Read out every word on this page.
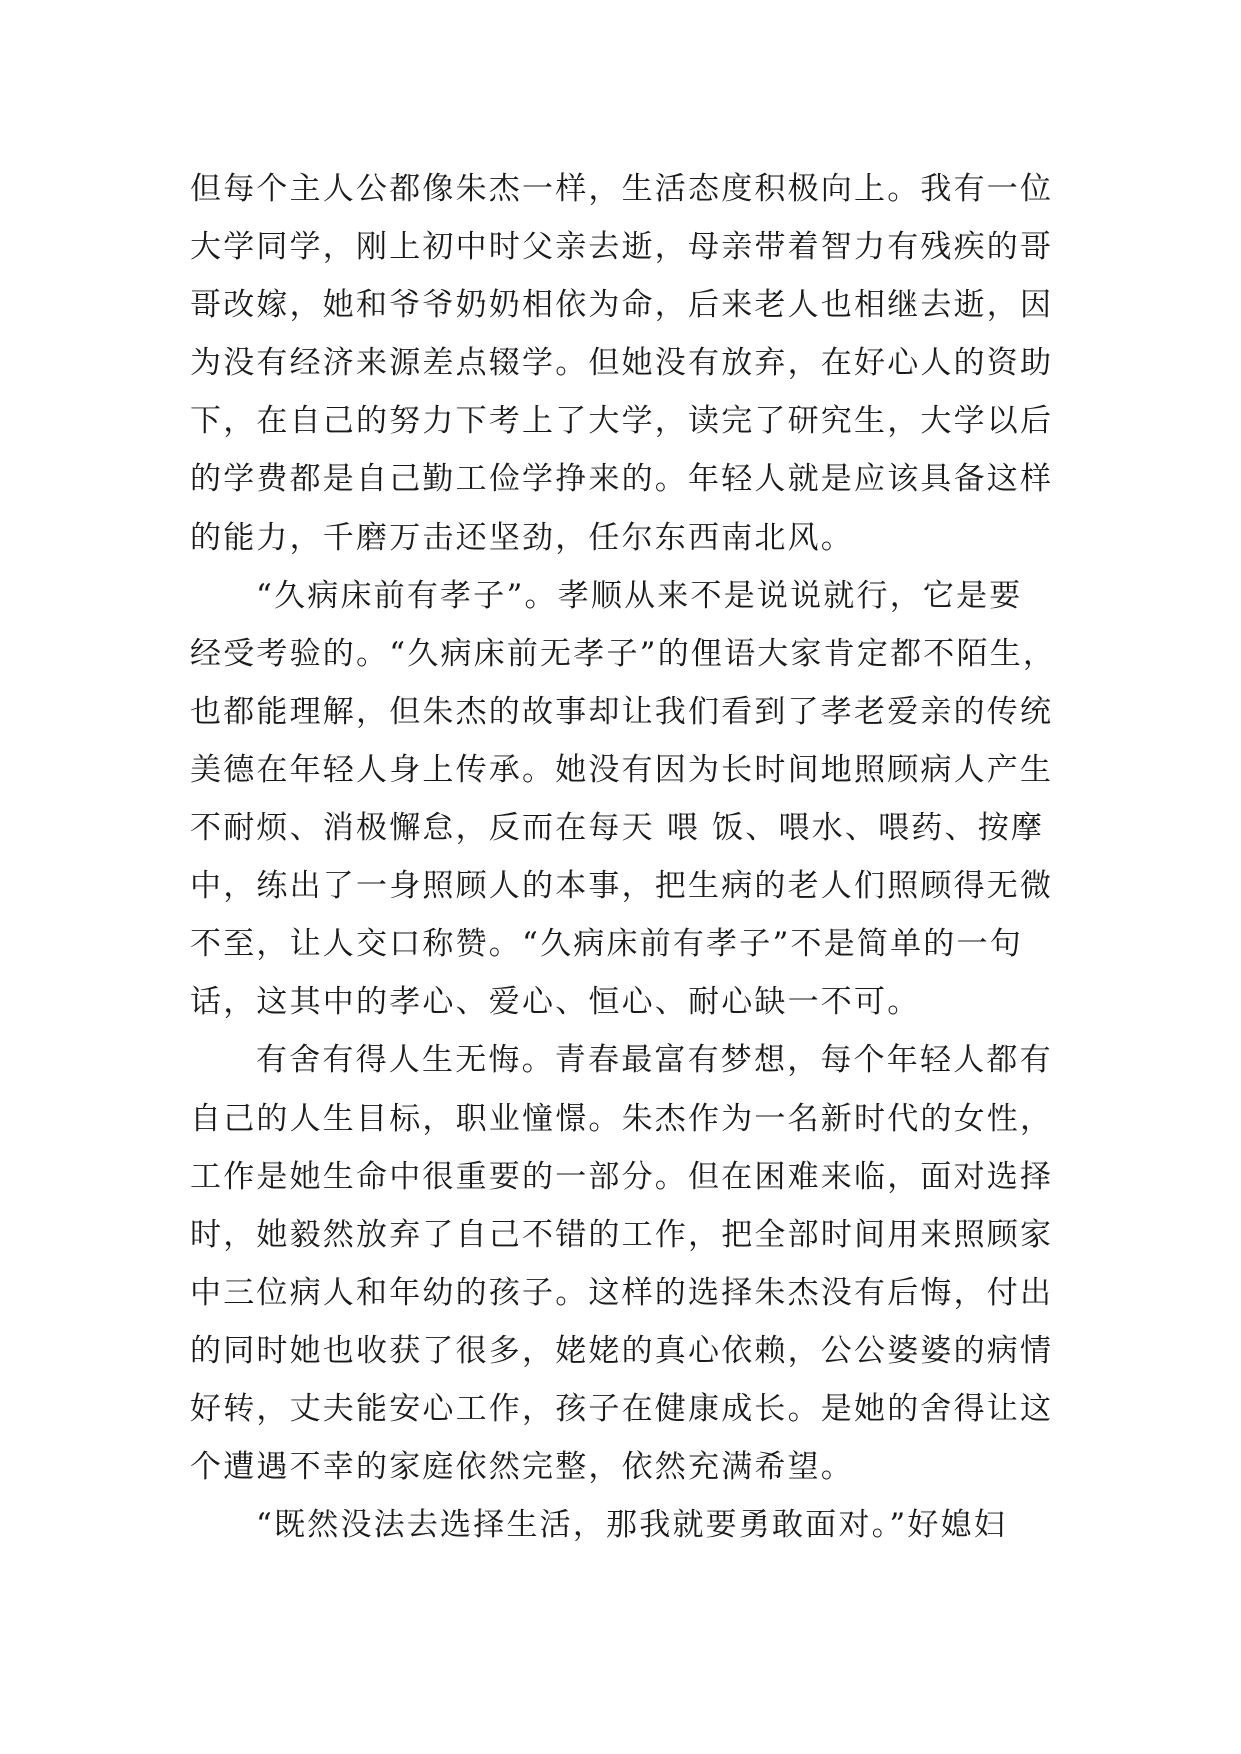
但每个主人公都像朱杰一样，生活态度积极向上。我有一位
大学同学，刚上初中时父亲去逝，母亲带着智力有残疾的哥
哥改嫁，她和爷爷奶奶相依为命，后来老人也相继去逝，因
为没有经济来源差点辍学。但她没有放弃，在好心人的资助
下，在自己的努力下考上了大学，读完了研究生，大学以后
的学费都是自己勤工俭学挣来的。年轻人就是应该具备这样
的能力，千磨万击还坚劲，任尔东西南北风。
“久病床前有孝子”。孝顺从来不是说说就行，它是要
经受考验的。“久病床前无孝子”的俚语大家肯定都不陌生，
也都能理解，但朱杰的故事却让我们看到了孝老爱亲的传统
美德在年轻人身上传承。她没有因为长时间地照顾病人产生
不耐烦、消极懈怠，反而在每天 喂 饭、喂水、喂药、按摩
中，练出了一身照顾人的本事，把生病的老人们照顾得无微
不至，让人交口称赞。“久病床前有孝子”不是简单的一句
话，这其中的孝心、爱心、恒心、耐心缺一不可。
有舍有得人生无悔。青春最富有梦想，每个年轻人都有
自己的人生目标，职业憧憬。朱杰作为一名新时代的女性，
工作是她生命中很重要的一部分。但在困难来临，面对选择
时，她毅然放弃了自己不错的工作，把全部时间用来照顾家
中三位病人和年幼的孩子。这样的选择朱杰没有后悔，付出
的同时她也收获了很多，姥姥的真心依赖，公公婆婆的病情
好转，丈夫能安心工作，孩子在健康成长。是她的舍得让这
个遭遇不幸的家庭依然完整，依然充满希望。
“既然没法去选择生活，那我就要勇敢面对。”好媳妇
